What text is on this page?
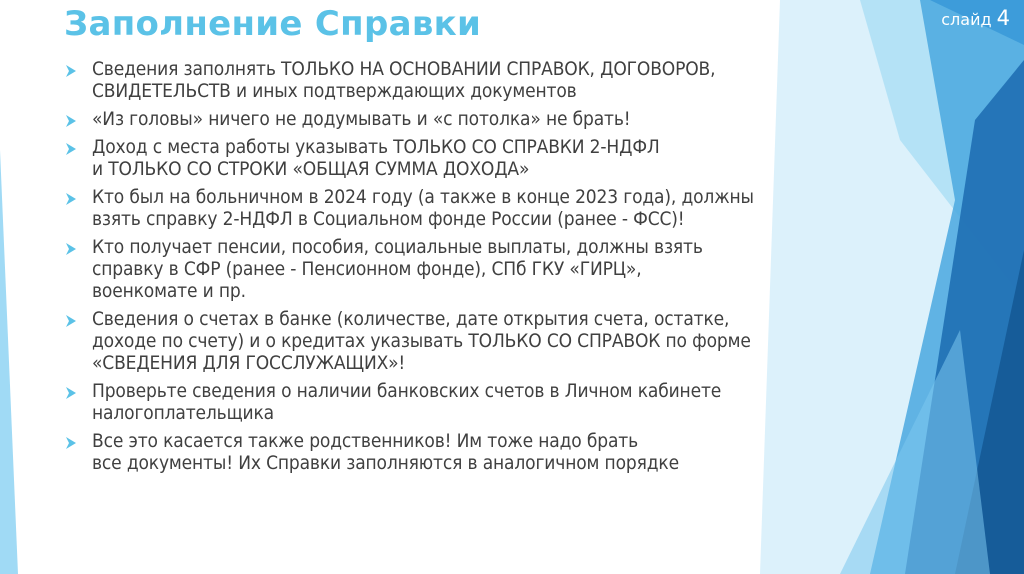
Заполнение Справки	слайд 4
Сведения заполнять ТОЛЬКО НА ОСНОВАНИИ СПРАВОК, ДОГОВОРОВ,
СВИДЕТЕЛЬСТВ и иных подтверждающих документов
«Из головы» ничего не додумывать и «с потолка» не брать!
Доход с места работы указывать ТОЛЬКО СО СПРАВКИ 2-НДФЛ
и ТОЛЬКО СО СТРОКИ «ОБЩАЯ СУММА ДОХОДА»
Кто был на больничном в 2024 году (а также в конце 2023 года), должны
взять справку 2-НДФЛ в Социальном фонде России (ранее - ФСС)!
Кто получает пенсии, пособия, социальные выплаты, должны взять
справку в СФР (ранее - Пенсионном фонде), СПб ГКУ «ГИРЦ»,
военкомате и пр.
Сведения о счетах в банке (количестве, дате открытия счета, остатке,
доходе по счету) и о кредитах указывать ТОЛЬКО СО СПРАВОК по форме
«СВЕДЕНИЯ ДЛЯ ГОССЛУЖАЩИХ»!
Проверьте сведения о наличии банковских счетов в Личном кабинете
налогоплательщика
Все это касается также родственников! Им тоже надо брать
все документы! Их Справки заполняются в аналогичном порядке
